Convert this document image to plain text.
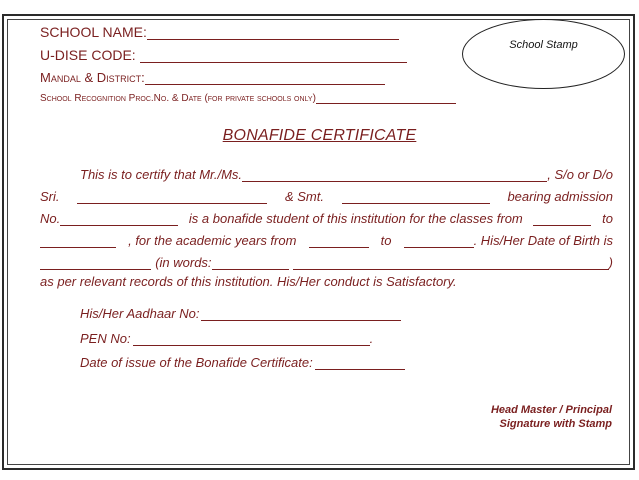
SCHOOL NAME:
U-DISE CODE:
Mandal & District:
School Recognition Proc.No. & Date (for private schools only)
School Stamp
BONAFIDE CERTIFICATE
This is to certify that Mr./Ms.	, S/o or D/o
Sri.	& Smt.	bearing admission
No.	is a bonafide student of this institution for the classes from	to
, for the academic years from	to	. His/Her Date of Birth is
(in words:	)
as per relevant records of this institution. His/Her conduct is Satisfactory.
His/Her Aadhaar No:
PEN No:	.
Date of issue of the Bonafide Certificate:
Head Master / Principal
Signature with Stamp
